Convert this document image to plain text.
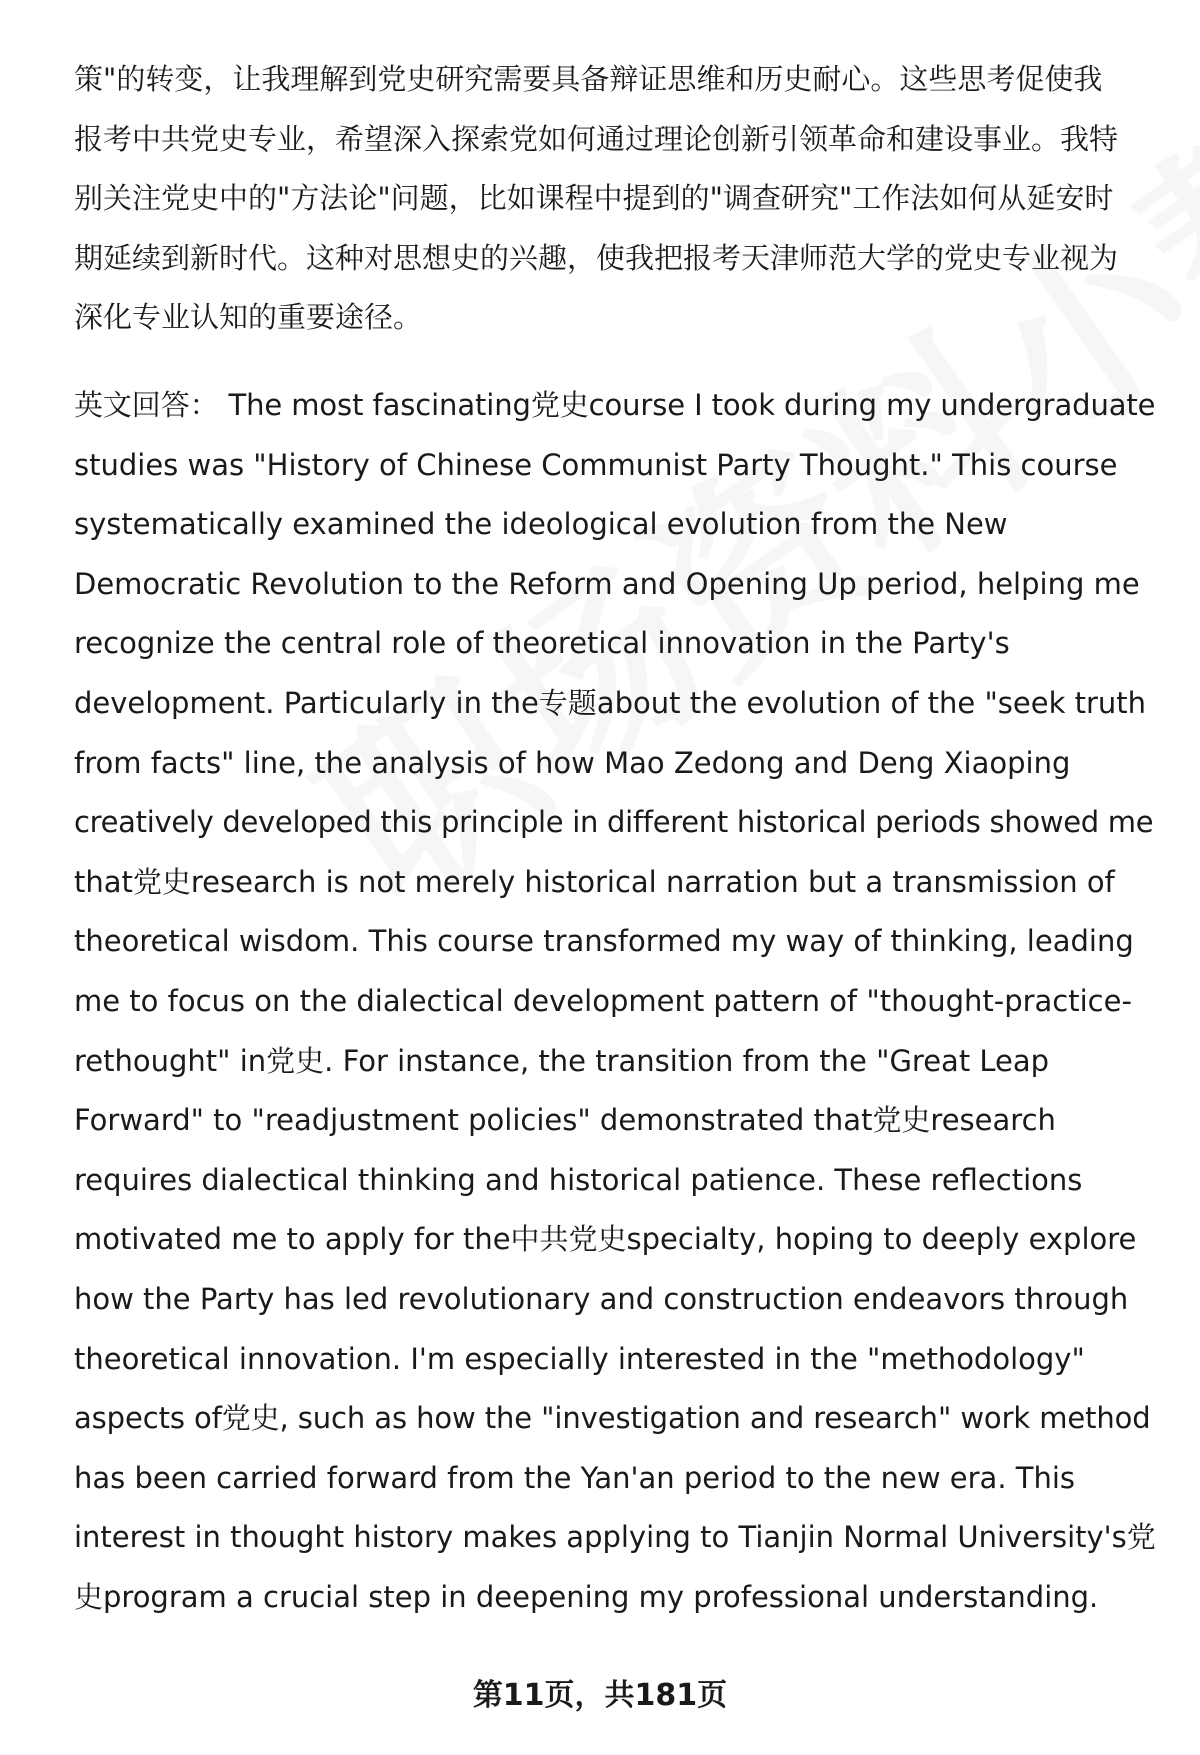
策"的转变，让我理解到党史研究需要具备辩证思维和历史耐心。这些思考促使我
报考中共党史专业，希望深入探索党如何通过理论创新引领革命和建设事业。我特
别关注党史中的"方法论"问题，比如课程中提到的"调查研究"工作法如何从延安时
期延续到新时代。这种对思想史的兴趣，使我把报考天津师范大学的党史专业视为
深化专业认知的重要途径。
英文回答： The most fascinating党史course I took during my undergraduate
studies was "History of Chinese Communist Party Thought." This course
systematically examined the ideological evolution from the New
Democratic Revolution to the Reform and Opening Up period, helping me
recognize the central role of theoretical innovation in the Party's
development. Particularly in the专题about the evolution of the "seek truth
from facts" line, the analysis of how Mao Zedong and Deng Xiaoping
creatively developed this principle in different historical periods showed me
that党史research is not merely historical narration but a transmission of
theoretical wisdom. This course transformed my way of thinking, leading
me to focus on the dialectical development pattern of "thought-practice-
rethought" in党史. For instance, the transition from the "Great Leap
Forward" to "readjustment policies" demonstrated that党史research
requires dialectical thinking and historical patience. These reflections
motivated me to apply for the中共党史specialty, hoping to deeply explore
how the Party has led revolutionary and construction endeavors through
theoretical innovation. I'm especially interested in the "methodology"
aspects of党史, such as how the "investigation and research" work method
has been carried forward from the Yan'an period to the new era. This
interest in thought history makes applying to Tianjin Normal University's党
史program a crucial step in deepening my professional understanding.
第11页，共181页
